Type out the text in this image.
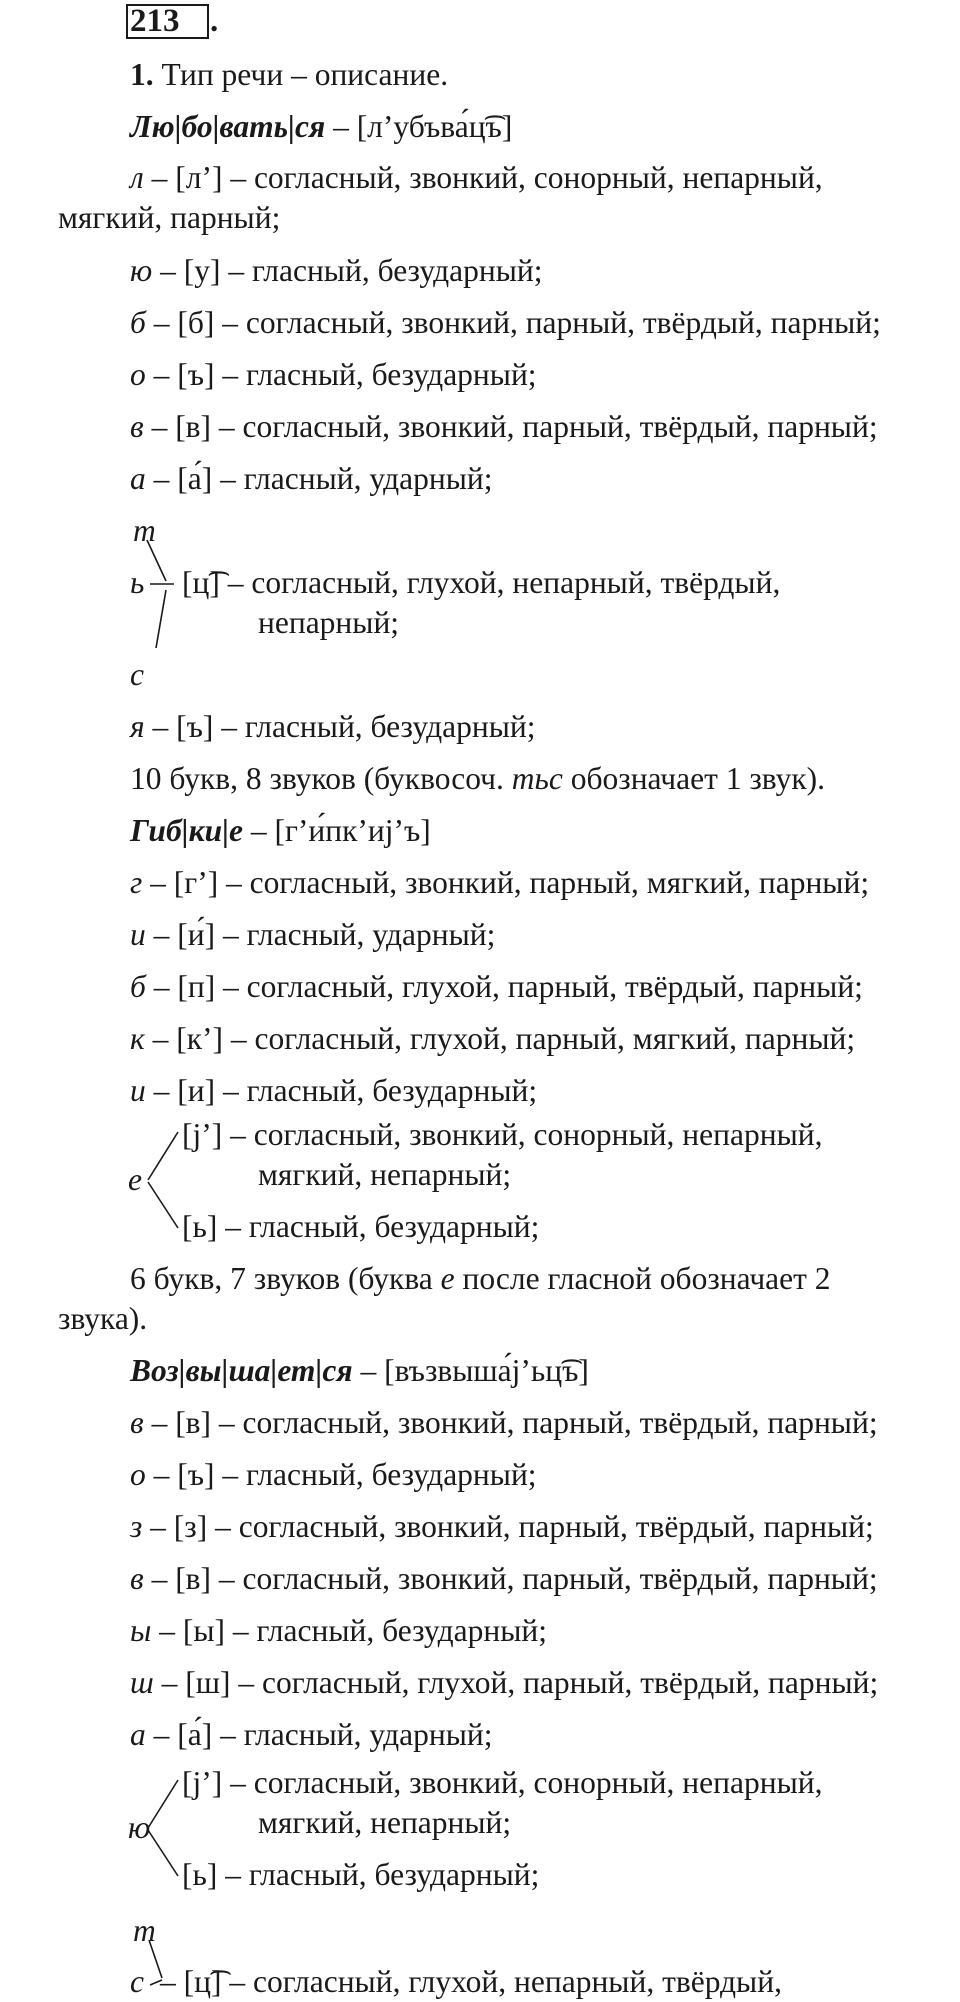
213 .
1. Тип речи – описание.
Лю|бо|вать|ся – [л’убъва́ц͡ъ]
л – [л’] – согласный, звонкий, сонорный, непарный,
мягкий, парный;
ю – [у] – гласный, безударный;
б – [б] – согласный, звонкий, парный, твёрдый, парный;
о – [ъ] – гласный, безударный;
в – [в] – согласный, звонкий, парный, твёрдый, парный;
а – [а́] – гласный, ударный;
т
ь [ц͡] – согласный, глухой, непарный, твёрдый,
непарный;
с
я – [ъ] – гласный, безударный;
10 букв, 8 звуков (буквосоч. тьс обозначает 1 звук).
Гиб|ки|е – [г’и́пк’иj’ъ]
г – [г’] – согласный, звонкий, парный, мягкий, парный;
и – [и́] – гласный, ударный;
б – [п] – согласный, глухой, парный, твёрдый, парный;
к – [к’] – согласный, глухой, парный, мягкий, парный;
и – [и] – гласный, безударный;
[j’] – согласный, звонкий, сонорный, непарный,
мягкий, непарный;
е
[ь] – гласный, безударный;
6 букв, 7 звуков (буква е после гласной обозначает 2
звука).
Воз|вы|ша|ет|ся – [възвыша́j’ьц͡ъ]
в – [в] – согласный, звонкий, парный, твёрдый, парный;
о – [ъ] – гласный, безударный;
з – [з] – согласный, звонкий, парный, твёрдый, парный;
в – [в] – согласный, звонкий, парный, твёрдый, парный;
ы – [ы] – гласный, безударный;
ш – [ш] – согласный, глухой, парный, твёрдый, парный;
а – [а́] – гласный, ударный;
[j’] – согласный, звонкий, сонорный, непарный,
мягкий, непарный;
ю
[ь] – гласный, безударный;
т
с – [ц͡] – согласный, глухой, непарный, твёрдый,
